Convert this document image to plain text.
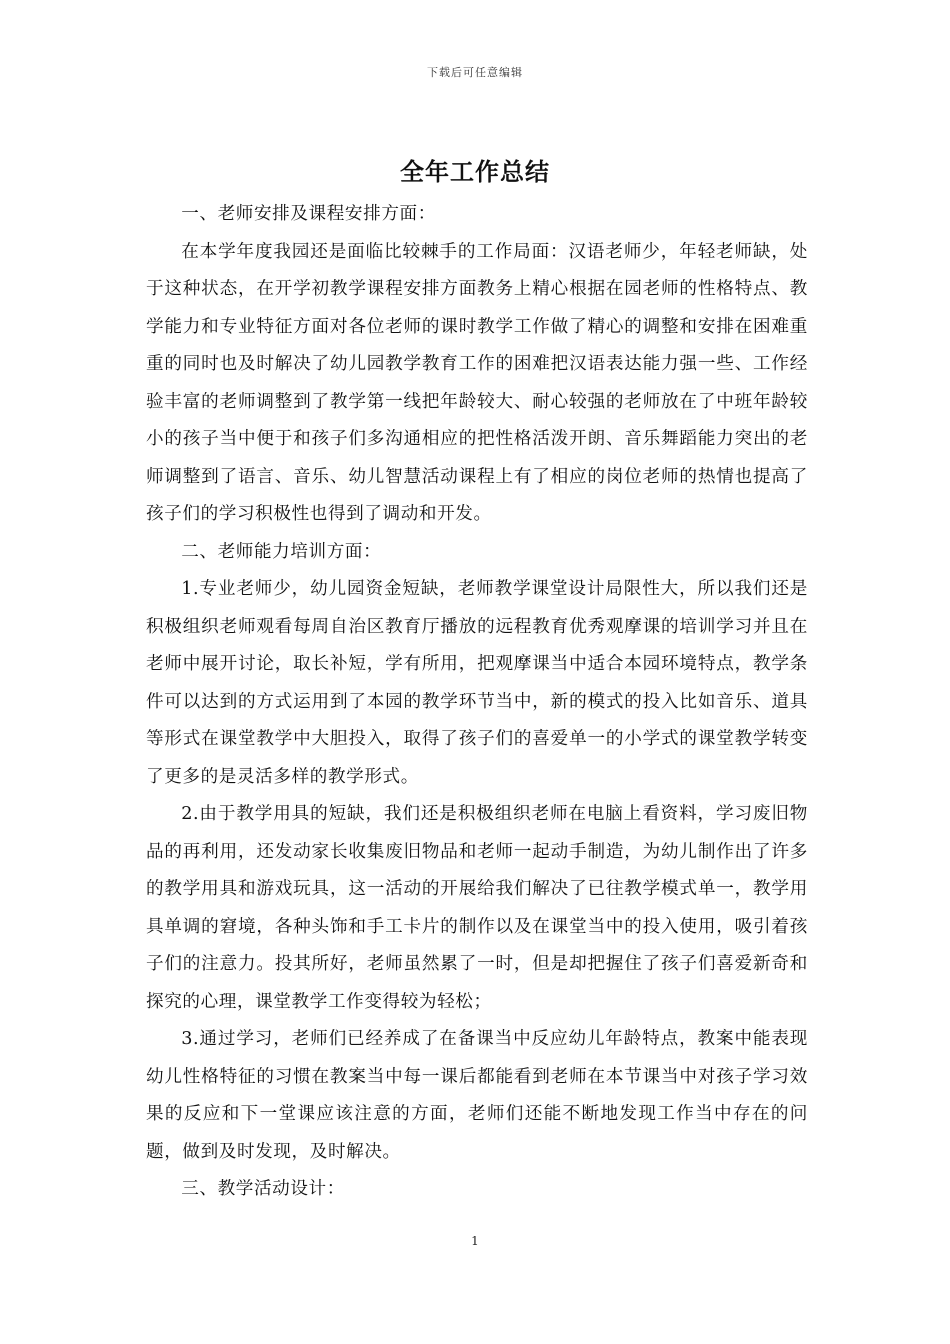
下载后可任意编辑
全年工作总结

一、老师安排及课程安排方面：

在本学年度我园还是面临比较棘手的工作局面：汉语老师少，年轻老师缺，处于这种状态，在开学初教学课程安排方面教务上精心根据在园老师的性格特点、教学能力和专业特征方面对各位老师的课时教学工作做了精心的调整和安排在困难重重的同时也及时解决了幼儿园教学教育工作的困难把汉语表达能力强一些、工作经验丰富的老师调整到了教学第一线把年龄较大、耐心较强的老师放在了中班年龄较小的孩子当中便于和孩子们多沟通相应的把性格活泼开朗、音乐舞蹈能力突出的老师调整到了语言、音乐、幼儿智慧活动课程上有了相应的岗位老师的热情也提高了孩子们的学习积极性也得到了调动和开发。

二、老师能力培训方面：

1.专业老师少，幼儿园资金短缺，老师教学课堂设计局限性大，所以我们还是积极组织老师观看每周自治区教育厅播放的远程教育优秀观摩课的培训学习并且在老师中展开讨论，取长补短，学有所用，把观摩课当中适合本园环境特点，教学条件可以达到的方式运用到了本园的教学环节当中，新的模式的投入比如音乐、道具等形式在课堂教学中大胆投入，取得了孩子们的喜爱单一的小学式的课堂教学转变了更多的是灵活多样的教学形式。

2.由于教学用具的短缺，我们还是积极组织老师在电脑上看资料，学习废旧物品的再利用，还发动家长收集废旧物品和老师一起动手制造，为幼儿制作出了许多的教学用具和游戏玩具，这一活动的开展给我们解决了已往教学模式单一，教学用具单调的窘境，各种头饰和手工卡片的制作以及在课堂当中的投入使用，吸引着孩子们的注意力。投其所好，老师虽然累了一时，但是却把握住了孩子们喜爱新奇和探究的心理，课堂教学工作变得较为轻松；

3.通过学习，老师们已经养成了在备课当中反应幼儿年龄特点，教案中能表现幼儿性格特征的习惯在教案当中每一课后都能看到老师在本节课当中对孩子学习效果的反应和下一堂课应该注意的方面，老师们还能不断地发现工作当中存在的问题，做到及时发现，及时解决。

三、教学活动设计：

1
